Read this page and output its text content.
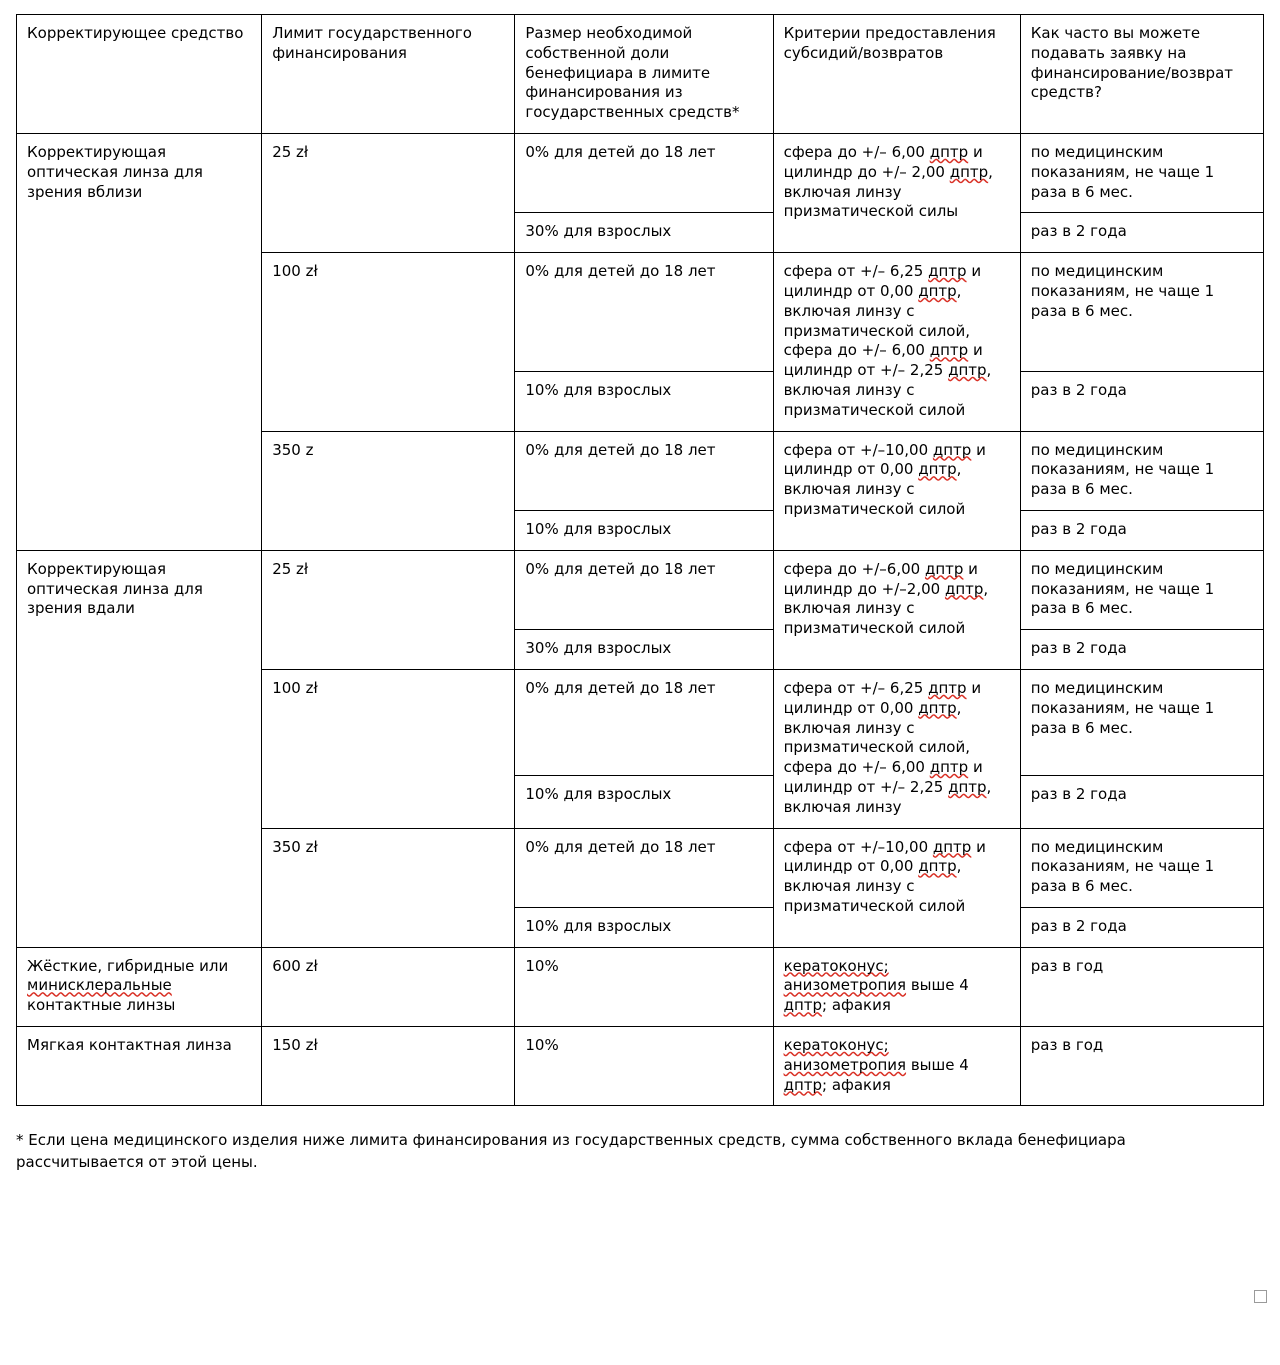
Корректирующее средство	Лимит государственного финансирования	Размер необходимой собственной доли бенефициара в лимите финансирования из государственных средств*	Критерии предоставления субсидий/возвратов	Как часто вы можете подавать заявку на финансирование/возврат средств?
Корректирующая оптическая линза для зрения вблизи	25 zł	0% для детей до 18 лет	сфера до +/– 6,00 дптр и цилиндр до +/– 2,00 дптр, включая линзу призматической силы	по медицинским показаниям, не чаще 1 раза в 6 мес.
		30% для взрослых		раз в 2 года
	100 zł	0% для детей до 18 лет	сфера от +/– 6,25 дптр и цилиндр от 0,00 дптр, включая линзу с призматической силой, сфера до +/– 6,00 дптр и цилиндр от +/– 2,25 дптр, включая линзу с призматической силой	по медицинским показаниям, не чаще 1 раза в 6 мес.
		10% для взрослых		раз в 2 года
	350 z	0% для детей до 18 лет	сфера от +/–10,00 дптр и цилиндр от 0,00 дптр, включая линзу с призматической силой	по медицинским показаниям, не чаще 1 раза в 6 мес.
		10% для взрослых		раз в 2 года
Корректирующая оптическая линза для зрения вдали	25 zł	0% для детей до 18 лет	сфера до +/–6,00 дптр и цилиндр до +/–2,00 дптр, включая линзу с призматической силой	по медицинским показаниям, не чаще 1 раза в 6 мес.
		30% для взрослых		раз в 2 года
	100 zł	0% для детей до 18 лет	сфера от +/– 6,25 дптр и цилиндр от 0,00 дптр, включая линзу с призматической силой, сфера до +/– 6,00 дптр и цилиндр от +/– 2,25 дптр, включая линзу	по медицинским показаниям, не чаще 1 раза в 6 мес.
		10% для взрослых		раз в 2 года
	350 zł	0% для детей до 18 лет	сфера от +/–10,00 дптр и цилиндр от 0,00 дптр, включая линзу с призматической силой	по медицинским показаниям, не чаще 1 раза в 6 мес.
		10% для взрослых		раз в 2 года
Жёсткие, гибридные или минисклеральные контактные линзы	600 zł	10%	кератоконус; анизометропия выше 4 дптр; афакия	раз в год
Мягкая контактная линза	150 zł	10%	кератоконус; анизометропия выше 4 дптр; афакия	раз в год
* Если цена медицинского изделия ниже лимита финансирования из государственных средств, сумма собственного вклада бенефициара рассчитывается от этой цены.
